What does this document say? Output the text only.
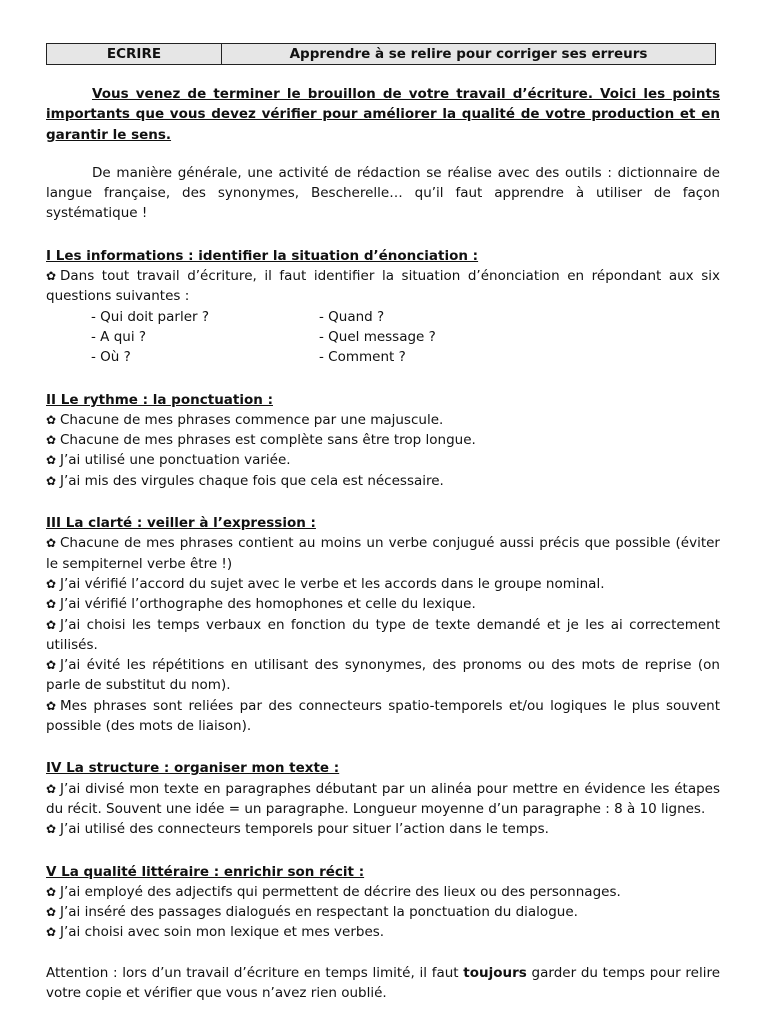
ECRIRE	Apprendre à se relire pour corriger ses erreurs

Vous venez de terminer le brouillon de votre travail d’écriture. Voici les points importants que vous devez vérifier pour améliorer la qualité de votre production et en garantir le sens.

De manière générale, une activité de rédaction se réalise avec des outils : dictionnaire de langue française, des synonymes, Bescherelle… qu’il faut apprendre à utiliser de façon systématique !

I Les informations : identifier la situation d’énonciation :

✿ Dans tout travail d’écriture, il faut identifier la situation d’énonciation en répondant aux six questions suivantes :

- Qui doit parler ?	- Quand ?
- A qui ?	- Quel message ?
- Où ?	- Comment ?

II Le rythme : la ponctuation :

✿ Chacune de mes phrases commence par une majuscule.

✿ Chacune de mes phrases est complète sans être trop longue.

✿ J’ai utilisé une ponctuation variée.

✿ J’ai mis des virgules chaque fois que cela est nécessaire.

III La clarté : veiller à l’expression :

✿ Chacune de mes phrases contient au moins un verbe conjugué aussi précis que possible (éviter le sempiternel verbe être !)

✿ J’ai vérifié l’accord du sujet avec le verbe et les accords dans le groupe nominal.

✿ J’ai vérifié l’orthographe des homophones et celle du lexique.

✿ J’ai choisi les temps verbaux en fonction du type de texte demandé et je les ai correctement utilisés.

✿ J’ai évité les répétitions en utilisant des synonymes, des pronoms ou des mots de reprise (on parle de substitut du nom).

✿ Mes phrases sont reliées par des connecteurs spatio-temporels et/ou logiques le plus souvent possible (des mots de liaison).

IV La structure : organiser mon texte :

✿ J’ai divisé mon texte en paragraphes débutant par un alinéa pour mettre en évidence les étapes du récit. Souvent une idée = un paragraphe. Longueur moyenne d’un paragraphe : 8 à 10 lignes.

✿ J’ai utilisé des connecteurs temporels pour situer l’action dans le temps.

V La qualité littéraire : enrichir son récit :

✿ J’ai employé des adjectifs qui permettent de décrire des lieux ou des personnages.

✿ J’ai inséré des passages dialogués en respectant la ponctuation du dialogue.

✿ J’ai choisi avec soin mon lexique et mes verbes.

Attention : lors d’un travail d’écriture en temps limité, il faut toujours garder du temps pour relire votre copie et vérifier que vous n’avez rien oublié.
